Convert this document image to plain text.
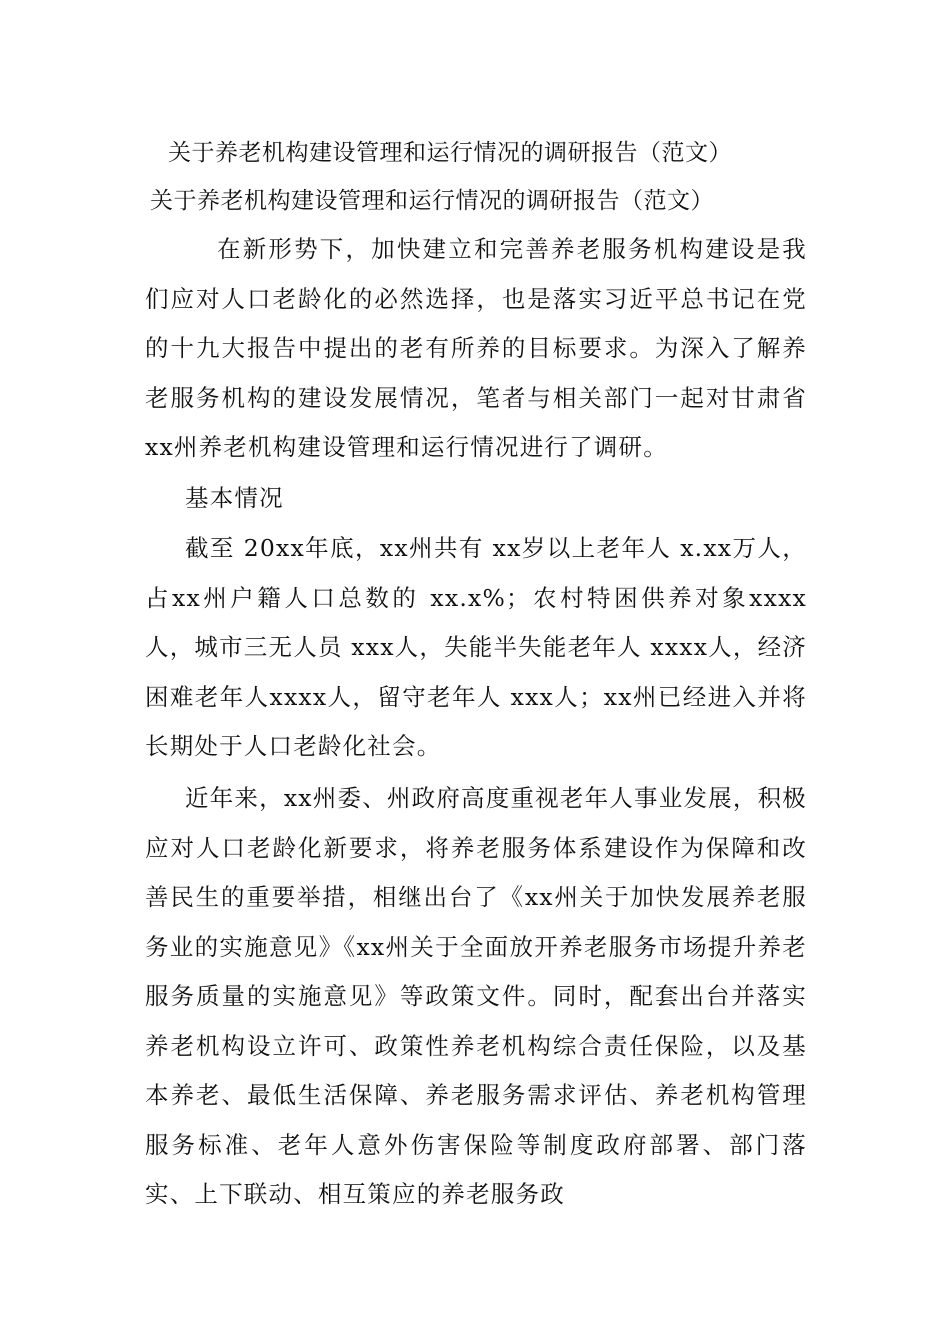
关于养老机构建设管理和运行情况的调研报告（范文）
关于养老机构建设管理和运行情况的调研报告（范文）

在新形势下，加快建立和完善养老服务机构建设是我们应对人口老龄化的必然选择，也是落实习近平总书记在党的十九大报告中提出的老有所养的目标要求。为深入了解养老服务机构的建设发展情况，笔者与相关部门一起对甘肃省xx州养老机构建设管理和运行情况进行了调研。

基本情况

截至 20xx年底，xx州共有 xx岁以上老年人 x.xx万人，占xx州户籍人口总数的 xx.x%；农村特困供养对象xxxx人，城市三无人员 xxx人，失能半失能老年人 xxxx人，经济困难老年人xxxx人，留守老年人 xxx人；xx州已经进入并将长期处于人口老龄化社会。

近年来，xx州委、州政府高度重视老年人事业发展，积极应对人口老龄化新要求，将养老服务体系建设作为保障和改善民生的重要举措，相继出台了《xx州关于加快发展养老服务业的实施意见》《xx州关于全面放开养老服务市场提升养老服务质量的实施意见》等政策文件。同时，配套出台并落实养老机构设立许可、政策性养老机构综合责任保险，以及基本养老、最低生活保障、养老服务需求评估、养老机构管理服务标准、老年人意外伤害保险等制度政府部署、部门落实、上下联动、相互策应的养老服务政
